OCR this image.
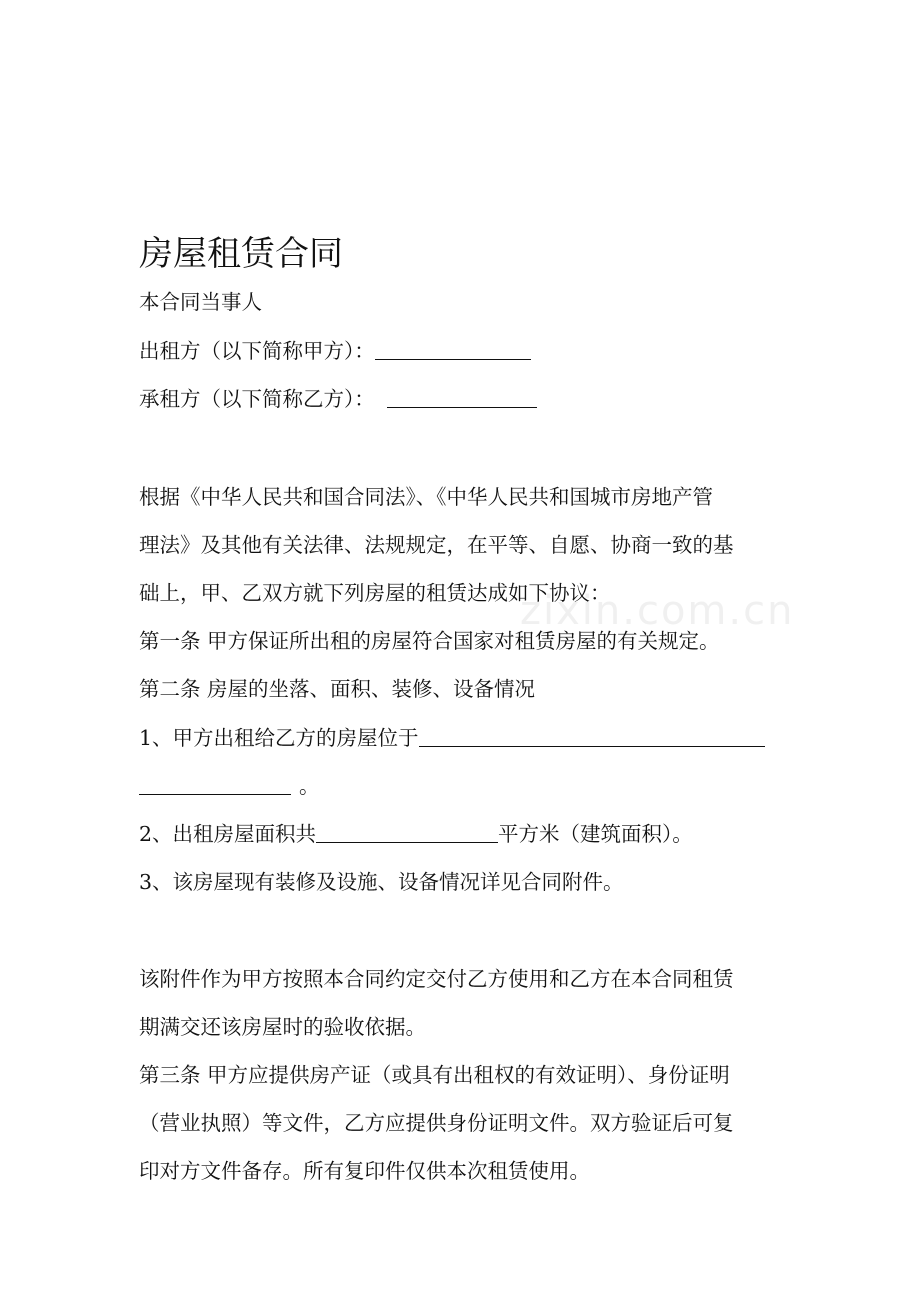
房屋租赁合同
本合同当事人
出租方（以下简称甲方）：
承租方（以下简称乙方）：
根据《中华人民共和国合同法》、《中华人民共和国城市房地产管
理法》及其他有关法律、法规规定，在平等、自愿、协商一致的基
础上，甲、乙双方就下列房屋的租赁达成如下协议：
第一条 甲方保证所出租的房屋符合国家对租赁房屋的有关规定。
第二条 房屋的坐落、面积、装修、设备情况
1、甲方出租给乙方的房屋位于
。
2、出租房屋面积共	平方米（建筑面积）。
3、该房屋现有装修及设施、设备情况详见合同附件。
该附件作为甲方按照本合同约定交付乙方使用和乙方在本合同租赁
期满交还该房屋时的验收依据。
第三条 甲方应提供房产证（或具有出租权的有效证明）、身份证明
（营业执照）等文件，乙方应提供身份证明文件。双方验证后可复
印对方文件备存。所有复印件仅供本次租赁使用。
zixin.com.cn
